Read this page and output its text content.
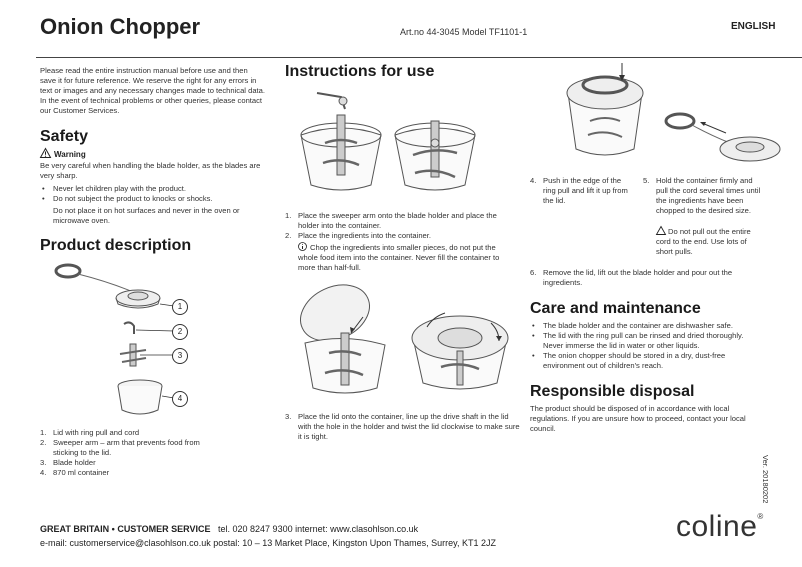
Onion Chopper	Art.no 44-3045 Model TF1101-1	ENGLISH
Please read the entire instruction manual before use and then save it for future reference. We reserve the right for any errors in text or images and any necessary changes made to technical data. In the event of technical problems or other queries, please contact our Customer Services.
Safety
Warning
Be very careful when handling the blade holder, as the blades are very sharp.
• Never let children play with the product.
• Do not subject the product to knocks or shocks.
Do not place it on hot surfaces and never in the oven or microwave oven.
Product description
1
2
3
4
1. Lid with ring pull and cord
2. Sweeper arm – arm that prevents food from sticking to the lid.
3. Blade holder
4. 870 ml container
Instructions for use
1. Place the sweeper arm onto the blade holder and place the holder into the container.
2. Place the ingredients into the container.
Chop the ingredients into smaller pieces, do not put the whole food item into the container. Never fill the container to more than half-full.
3. Place the lid onto the container, line up the drive shaft in the lid with the hole in the holder and twist the lid clockwise to make sure it is tight.
4. Push in the edge of the ring pull and lift it up from the lid.
5. Hold the container firmly and pull the cord several times until the ingredients have been chopped to the desired size.
Do not pull out the entire cord to the end. Use lots of short pulls.
6. Remove the lid, lift out the blade holder and pour out the ingredients.
Care and maintenance
• The blade holder and the container are dishwasher safe.
• The lid with the ring pull can be rinsed and dried thoroughly. Never immerse the lid in water or other liquids.
• The onion chopper should be stored in a dry, dust-free environment out of children's reach.
Responsible disposal
The product should be disposed of in accordance with local regulations. If you are unsure how to proceed, contact your local council.
Ver. 20180202
GREAT BRITAIN • CUSTOMER SERVICE tel. 020 8247 9300 internet: www.clasohlson.co.uk
e-mail: customerservice@clasohlson.co.uk postal: 10 – 13 Market Place, Kingston Upon Thames, Surrey, KT1 2JZ	coline®
